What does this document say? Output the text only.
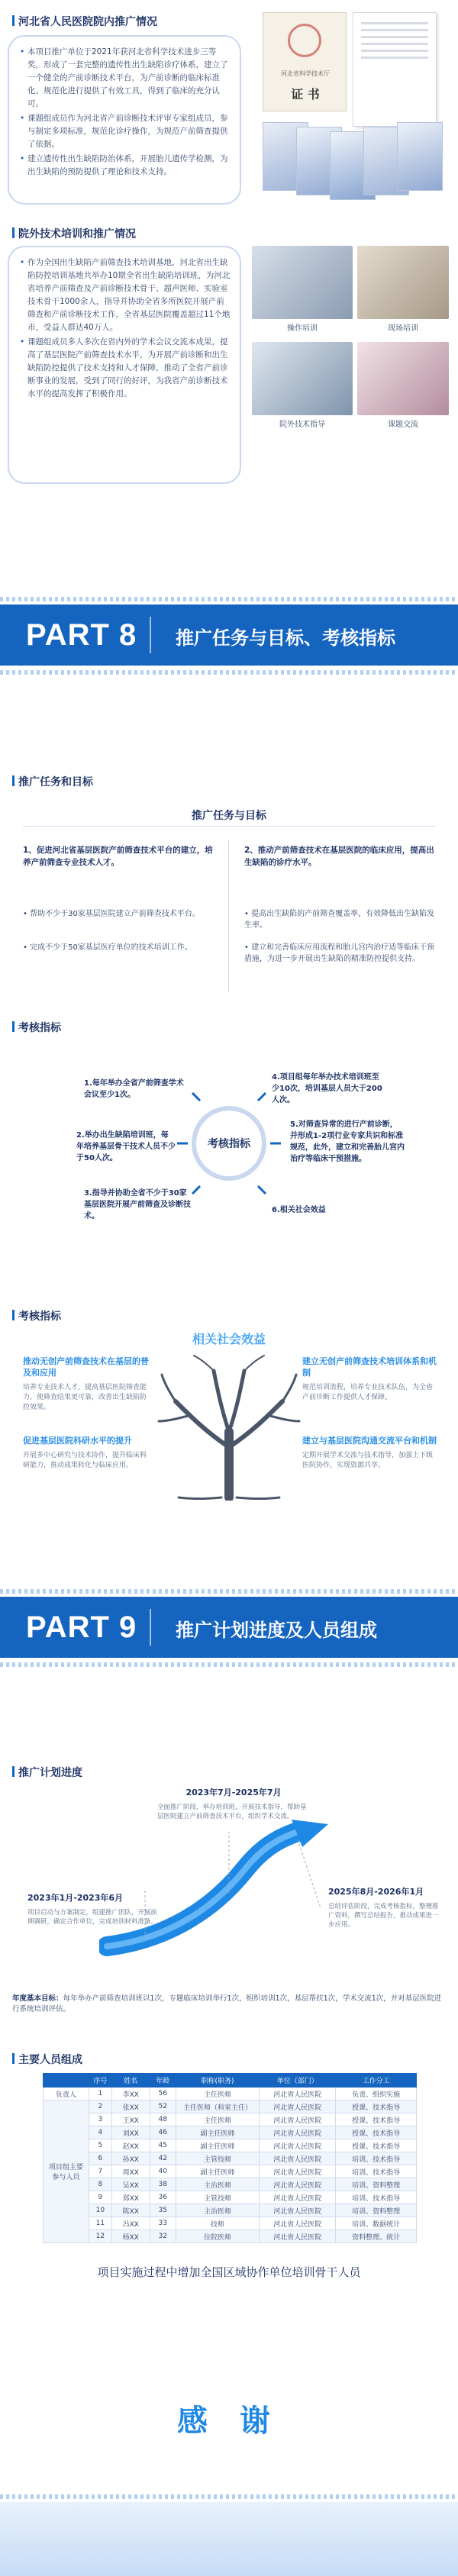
河北省人民医院院内推广情况
• 本项目推广单位于2021年获河北省科学技术进步三等奖，形成了一套完整的遗传性出生缺陷诊疗体系，建立了一个健全的产前诊断技术平台，为产前诊断的临床标准化、规范化进行提供了有效工具，得到了临床的充分认可。
• 课题组成员作为河北省产前诊断技术评审专家组成员，参与制定多项标准，规范化诊疗操作，为规范产前筛查提供了依据。
• 建立遗传性出生缺陷防治体系，开展胎儿遗传学检测，为出生缺陷的预防提供了理论和技术支持。
河北省科学技术厅
证 书
院外技术培训和推广情况
• 作为全国出生缺陷产前筛查技术培训基地，河北省出生缺陷防控培训基地共举办10期全省出生缺陷培训班，为河北省培养产前筛查及产前诊断技术骨干、超声医师、实验室技术骨干1000余人，指导并协助全省多所医院开展产前筛查和产前诊断技术工作，全省基层医院覆盖超过11个地市，受益人群达40万人。
• 课题组成员多人多次在省内外的学术会议交流本成果，提高了基层医院产前筛查技术水平，为开展产前诊断和出生缺陷防控提供了技术支持和人才保障，推动了全省产前诊断事业的发展，受到了同行的好评，为我省产前诊断技术水平的提高发挥了积极作用。
操作培训	现场培训
院外技术指导	课题交流
PART 8 推广任务与目标、考核指标
推广任务和目标
推广任务与目标
1、促进河北省基层医院产前筛查技术平台的建立，培养产前筛查专业技术人才。
2、推动产前筛查技术在基层医院的临床应用，提高出生缺陷的诊疗水平。
• 帮助不少于30家基层医院建立产前筛查技术平台。	• 提高出生缺陷的产前筛查覆盖率，有效降低出生缺陷发生率。
• 完成不少于50家基层医疗单位的技术培训工作。	• 建立和完善临床应用流程和胎儿宫内治疗适等临床干预措施，为进一步开展出生缺陷的精准防控提供支持。
考核指标
考核指标
1.每年举办全省产前筛查学术会议至少1次。
2.举办出生缺陷培训班，每年培养基层骨干技术人员不少于50人次。
3.指导并协助全省不少于30家基层医院开展产前筛查及诊断技术。
4.项目组每年举办技术培训班至少10次，培训基层人员大于200人次。
5.对筛查异常的进行产前诊断，并形成1-2项行业专家共识和标准规范，此外，建立和完善胎儿宫内治疗等临床干预措施。
6.相关社会效益
考核指标
相关社会效益
推动无创产前筛查技术在基层的普及和应用
培养专业技术人才，提高基层医院筛查能力，使筛查结果更可靠，改善出生缺陷防控效果。
促进基层医院科研水平的提升
开展多中心研究与技术协作，提升临床科研能力，推动成果转化与临床应用。
建立无创产前筛查技术培训体系和机制
规范培训流程，培养专业技术队伍，为全省产前诊断工作提供人才保障。
建立与基层医院沟通交流平台和机制
定期开展学术交流与技术指导，加强上下级医院协作，实现资源共享。
PART 9 推广计划进度及人员组成
推广计划进度
2023年7月-2025年7月
全面推广阶段，举办培训班，开展技术指导，帮助基层医院建立产前筛查技术平台，组织学术交流。
2023年1月-2023年6月
项目启动与方案制定，组建推广团队，开展前期调研，确定合作单位，完成培训材料准备。
2025年8月-2026年1月
总结评估阶段，完成考核指标，整理推广资料，撰写总结报告，推动成果进一步应用。
年度基本目标：每年举办产前筛查培训班以1次，专题临床培训举行1次，组织培训1次，基层帮扶1次，学术交流1次，并对基层医院进行系统培训评估。
主要人员组成
	序号	姓名	年龄	职称(职务)	单位（部门）	工作分工
负责人	1	李XX	56	主任医师	河北省人民医院	负责、组织实施
项目组主要参与人员	2	张XX	52	主任医师（科室主任）	河北省人民医院	授课、技术指导
	3	王XX	48	主任医师	河北省人民医院	授课、技术指导
	4	刘XX	46	副主任医师	河北省人民医院	授课、技术指导
	5	赵XX	45	副主任医师	河北省人民医院	授课、技术指导
	6	孙XX	42	主管技师	河北省人民医院	培训、技术指导
	7	周XX	40	副主任医师	河北省人民医院	培训、技术指导
	8	吴XX	38	主治医师	河北省人民医院	培训、资料整理
	9	郑XX	36	主管技师	河北省人民医院	培训、技术指导
	10	陈XX	35	主治医师	河北省人民医院	培训、资料整理
	11	冯XX	33	技师	河北省人民医院	培训、数据统计
	12	杨XX	32	住院医师	河北省人民医院	资料整理、统计
项目实施过程中增加全国区域协作单位培训骨干人员
感 谢
